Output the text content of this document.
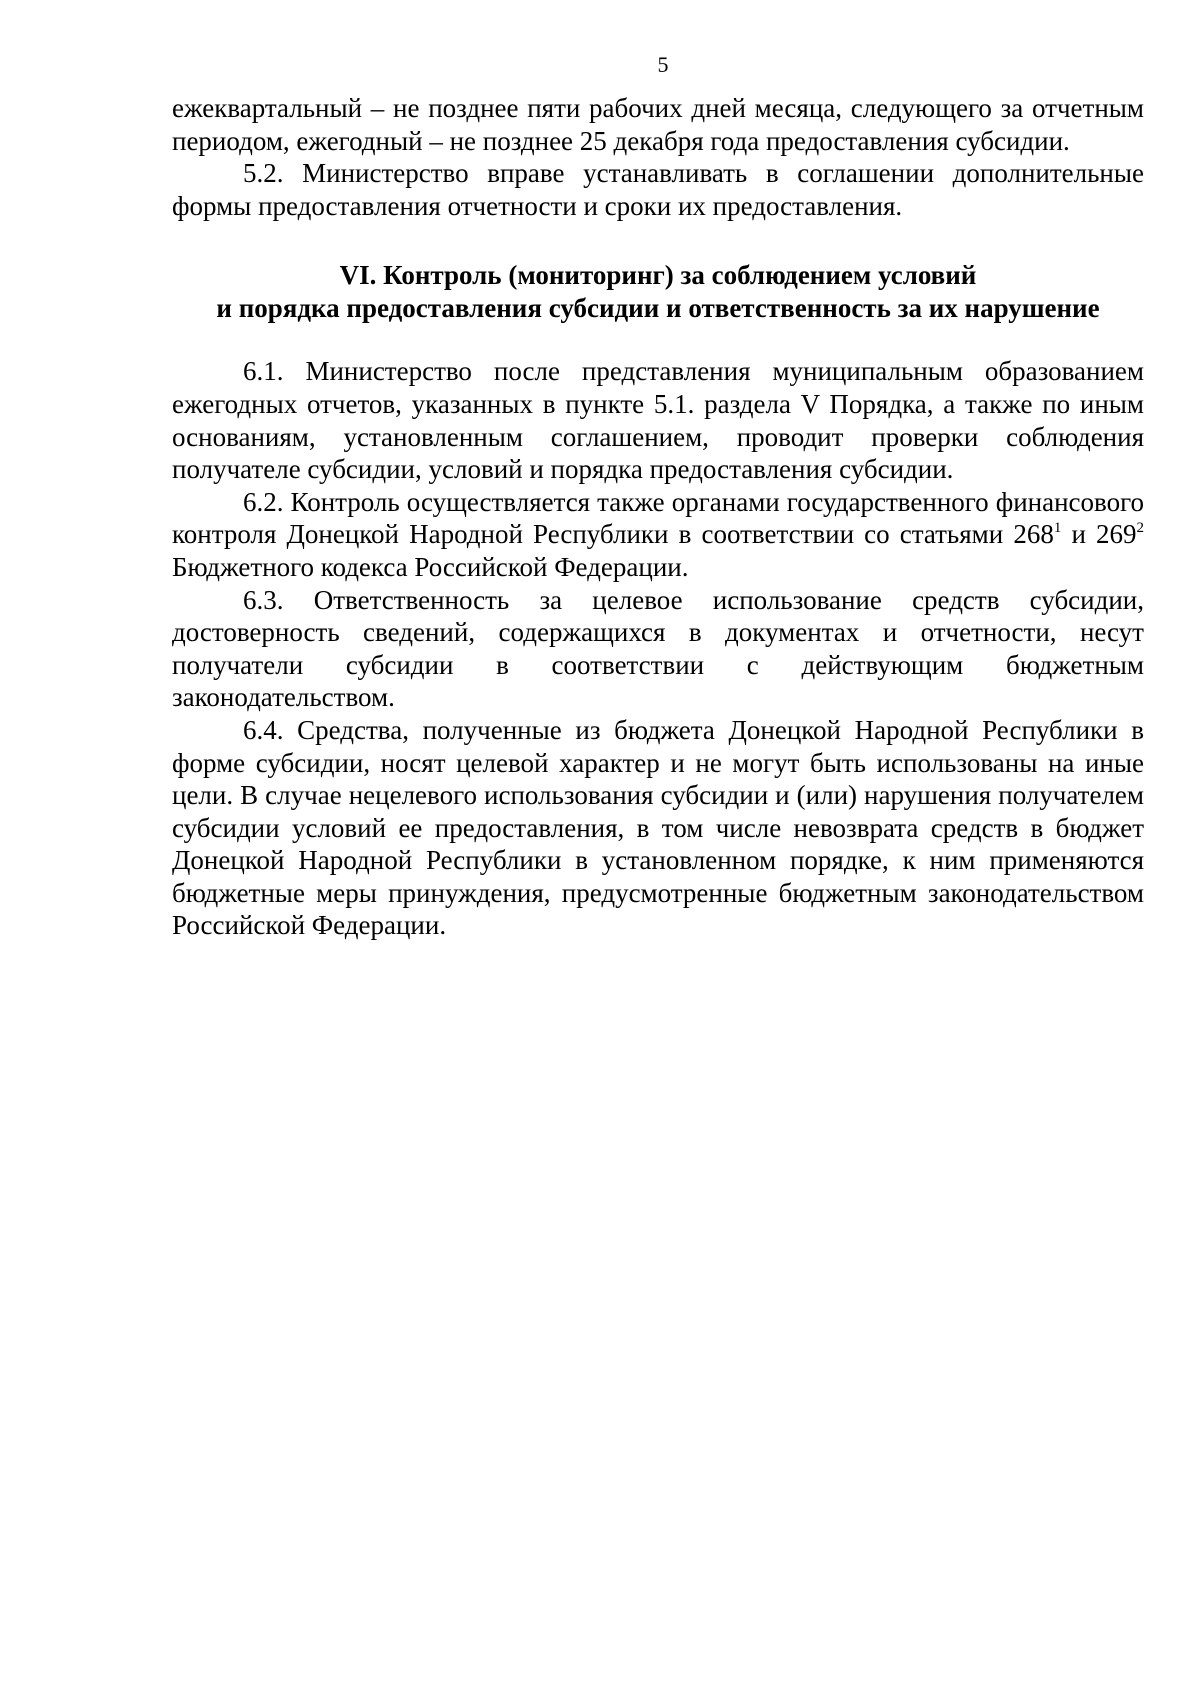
5

ежеквартальный – не позднее пяти рабочих дней месяца, следующего за отчетным периодом, ежегодный – не позднее 25 декабря года предоставления субсидии.

5.2. Министерство вправе устанавливать в соглашении дополнительные формы предоставления отчетности и сроки их предоставления.

VI. Контроль (мониторинг) за соблюдением условий
и порядка предоставления субсидии и ответственность за их нарушение

6.1. Министерство после представления муниципальным образованием ежегодных отчетов, указанных в пункте 5.1. раздела V Порядка, а также по иным основаниям, установленным соглашением, проводит проверки соблюдения получателе субсидии, условий и порядка предоставления субсидии.

6.2. Контроль осуществляется также органами государственного финансового контроля Донецкой Народной Республики в соответствии со статьями $268^1$ и $269^2$ Бюджетного кодекса Российской Федерации.

6.3. Ответственность за целевое использование средств субсидии, достоверность сведений, содержащихся в документах и отчетности, несут получатели субсидии в соответствии с действующим бюджетным законодательством.

6.4. Средства, полученные из бюджета Донецкой Народной Республики в форме субсидии, носят целевой характер и не могут быть использованы на иные цели. В случае нецелевого использования субсидии и (или) нарушения получателем субсидии условий ее предоставления, в том числе невозврата средств в бюджет Донецкой Народной Республики в установленном порядке, к ним применяются бюджетные меры принуждения, предусмотренные бюджетным законодательством Российской Федерации.
